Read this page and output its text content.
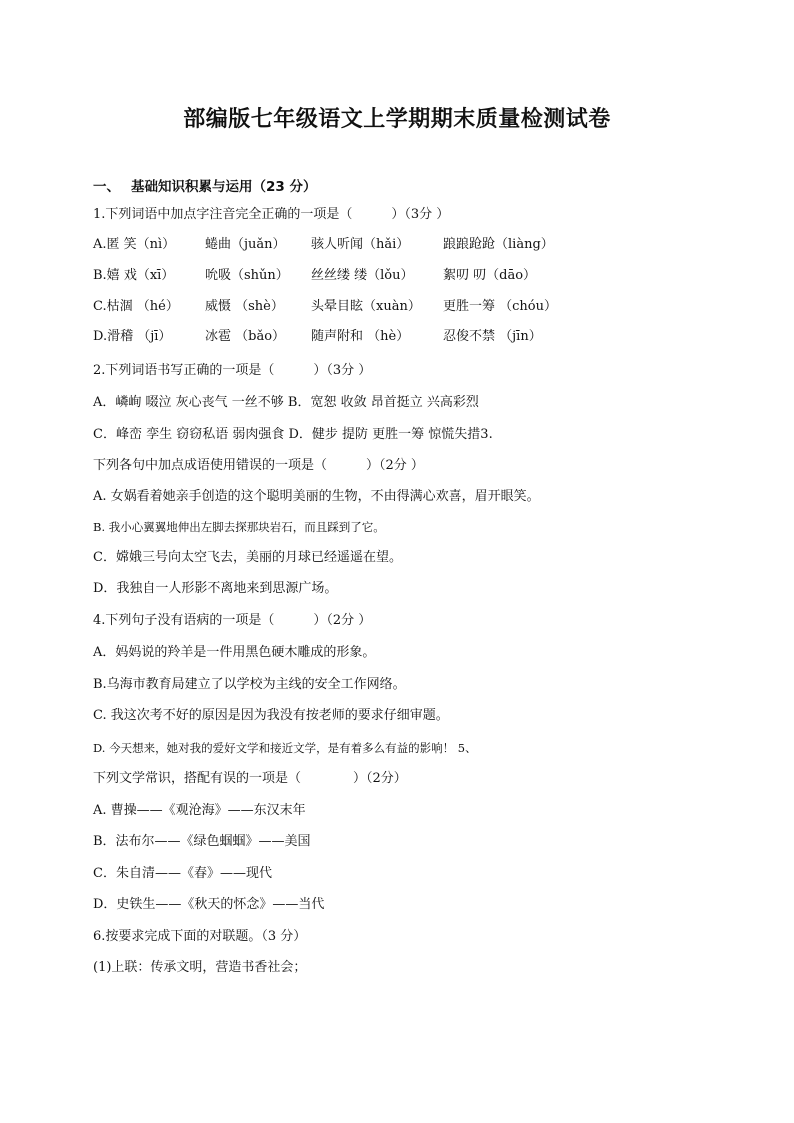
部编版七年级语文上学期期末质量检测试卷
一、 基础知识积累与运用（23 分）
1.下列词语中加点字注音完全正确的一项是（　　　）（3分 ）
A.匿 笑（nì） 蜷曲（juǎn） 骇人听闻（hǎi）	踉踉跄跄（liàng）
B.嬉 戏（xī） 吮吸（shǔn） 丝丝缕 缕（lǒu） 絮叨 叨（dāo）
C.枯涸 （hé） 威慑 （shè） 头晕目眩（xuàn） 更胜一筹 （chóu）
D.滑稽 （jī）	冰雹 （bǎo） 随声附和 （hè）	忍俊不禁 （jīn）
2.下列词语书写正确的一项是（　　　）（3分 ）
A．嶙峋 啜泣 灰心丧气 一丝不够 B．宽恕 收敛 昂首挺立 兴高彩烈
C．峰峦 孪生 窃窃私语 弱肉强食 D．健步 提防 更胜一筹 惊慌失措3.
下列各句中加点成语使用错误的一项是（　　　）（2分 ）
A. 女娲看着她亲手创造的这个聪明美丽的生物，不由得满心欢喜，眉开眼笑。
B. 我小心翼翼地伸出左脚去探那块岩石，而且踩到了它。
C．嫦娥三号向太空飞去，美丽的月球已经遥遥在望。
D．我独自一人形影不离地来到思源广场。
4.下列句子没有语病的一项是（　　　）（2分 ）
A．妈妈说的羚羊是一件用黑色硬木雕成的形象。
B.乌海市教育局建立了以学校为主线的安全工作网络。
C. 我这次考不好的原因是因为我没有按老师的要求仔细审题。
D. 今天想来，她对我的爱好文学和接近文学，是有着多么有益的影响！ 5、
下列文学常识，搭配有误的一项是（　　　　）（2分）
A. 曹操——《观沧海》——东汉末年
B．法布尔——《绿色蝈蝈》——美国
C．朱自清——《春》——现代
D．史铁生——《秋天的怀念》——当代
6.按要求完成下面的对联题。（3 分）
(1)上联：传承文明，营造书香社会；
